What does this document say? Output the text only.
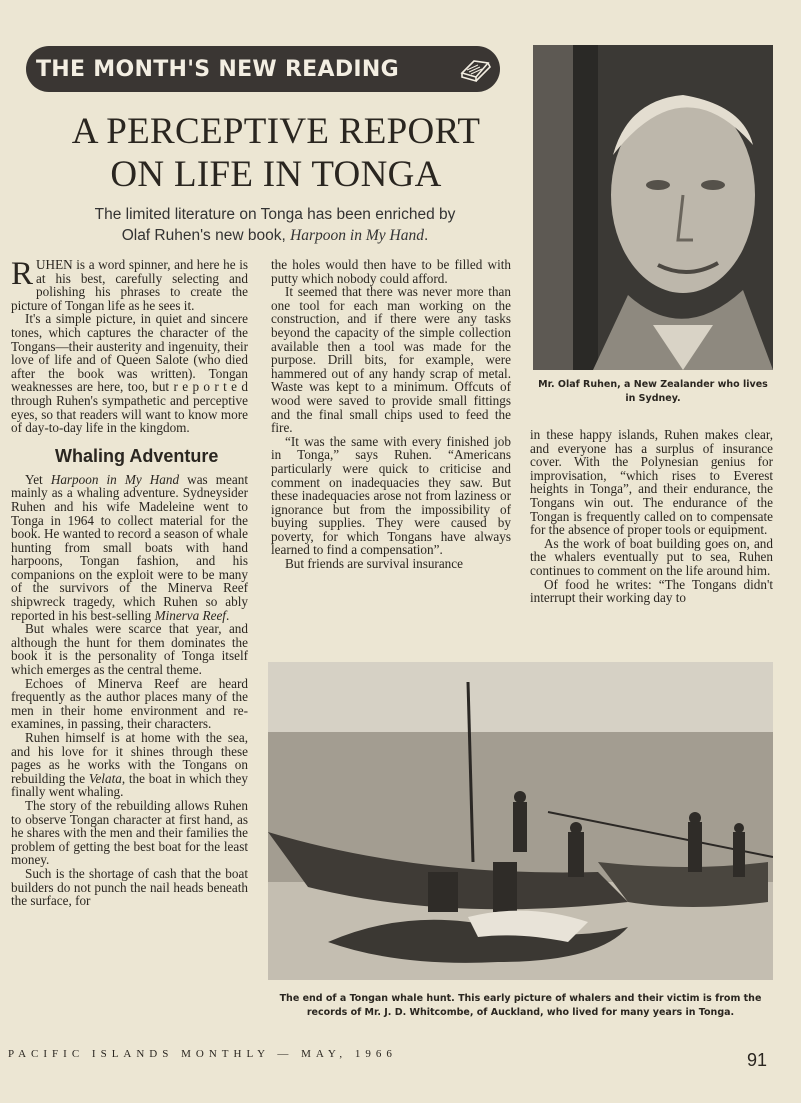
THE MONTH'S NEW READING
A PERCEPTIVE REPORT
ON LIFE IN TONGA
The limited literature on Tonga has been enriched by
Olaf Ruhen's new book, Harpoon in My Hand.
Mr. Olaf Ruhen, a New Zealander who lives in Sydney.

RUHEN is a word spinner, and here he is at his best, carefully selecting and polishing his phrases to create the picture of Tongan life as he sees it.

It's a simple picture, in quiet and sincere tones, which captures the character of the Tongans—their austerity and ingenuity, their love of life and of Queen Salote (who died after the book was written). Tongan weaknesses are here, too, but r e p o r t e d through Ruhen's sympathetic and perceptive eyes, so that readers will want to know more of day-to-day life in the kingdom.

Whaling Adventure

Yet Harpoon in My Hand was meant mainly as a whaling adventure. Sydneysider Ruhen and his wife Madeleine went to Tonga in 1964 to collect material for the book. He wanted to record a season of whale hunting from small boats with hand harpoons, Tongan fashion, and his companions on the exploit were to be many of the survivors of the Minerva Reef shipwreck tragedy, which Ruhen so ably reported in his best-selling Minerva Reef.

But whales were scarce that year, and although the hunt for them dominates the book it is the personality of Tonga itself which emerges as the central theme.

Echoes of Minerva Reef are heard frequently as the author places many of the men in their home environment and re-examines, in passing, their characters.

Ruhen himself is at home with the sea, and his love for it shines through these pages as he works with the Tongans on rebuilding the Velata, the boat in which they finally went whaling.

The story of the rebuilding allows Ruhen to observe Tongan character at first hand, as he shares with the men and their families the problem of getting the best boat for the least money.

Such is the shortage of cash that the boat builders do not punch the nail heads beneath the surface, for

the holes would then have to be filled with putty which nobody could afford.

It seemed that there was never more than one tool for each man working on the construction, and if there were any tasks beyond the capacity of the simple collection available then a tool was made for the purpose. Drill bits, for example, were hammered out of any handy scrap of metal. Waste was kept to a minimum. Offcuts of wood were saved to provide small fittings and the final small chips used to feed the fire.

“It was the same with every finished job in Tonga,” says Ruhen. “Americans particularly were quick to criticise and comment on inadequacies they saw. But these inadequacies arose not from laziness or ignorance but from the impossibility of buying supplies. They were caused by poverty, for which Tongans have always learned to find a compensation”.

But friends are survival insurance

in these happy islands, Ruhen makes clear, and everyone has a surplus of insurance cover. With the Polynesian genius for improvisation, “which rises to Everest heights in Tonga”, and their endurance, the Tongans win out. The endurance of the Tongan is frequently called on to compensate for the absence of proper tools or equipment.

As the work of boat building goes on, and the whalers eventually put to sea, Ruhen continues to comment on the life around him.

Of food he writes: “The Tongans didn't interrupt their working day to

The end of a Tongan whale hunt. This early picture of whalers and their victim is from the records of Mr. J. D. Whitcombe, of Auckland, who lived for many years in Tonga.
PACIFIC ISLANDS MONTHLY — MAY, 1966	91
